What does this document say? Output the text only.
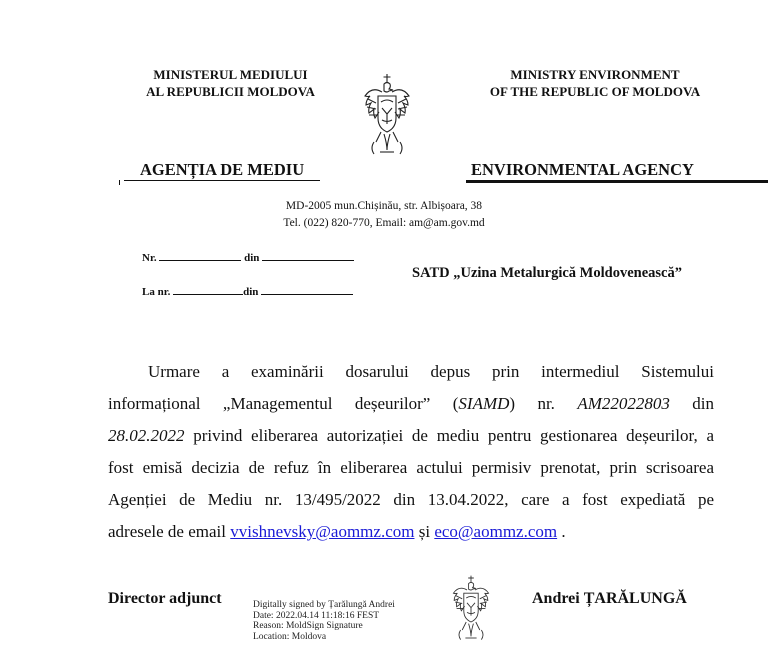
MINISTERUL MEDIULUI
AL REPUBLICII MOLDOVA
MINISTRY ENVIRONMENT
OF THE REPUBLIC OF MOLDOVA
AGENȚIA DE MEDIU	ENVIRONMENTAL AGENCY
MD-2005 mun.Chișinău, str. Albișoara, 38
Tel. (022) 820-770, Email: am@am.gov.md
Nr.	din
La nr.	din
SATD „Uzina Metalurgică Moldovenească”
Urmare a examinării dosarului depus prin intermediul Sistemului
informațional „Managementul deșeurilor” (SIAMD) nr. AM22022803 din
28.02.2022 privind eliberarea autorizației de mediu pentru gestionarea deșeurilor, a
fost emisă decizia de refuz în eliberarea actului permisiv prenotat, prin scrisoarea
Agenției de Mediu nr. 13/495/2022 din 13.04.2022, care a fost expediată pe
adresele de email vvishnevsky@aommz.com și eco@aommz.com .
Director adjunct	Digitally signed by Țarălungă Andrei
Date: 2022.04.14 11:18:16 FEST
Reason: MoldSign Signature
Location: Moldova
Andrei ȚARĂLUNGĂ
